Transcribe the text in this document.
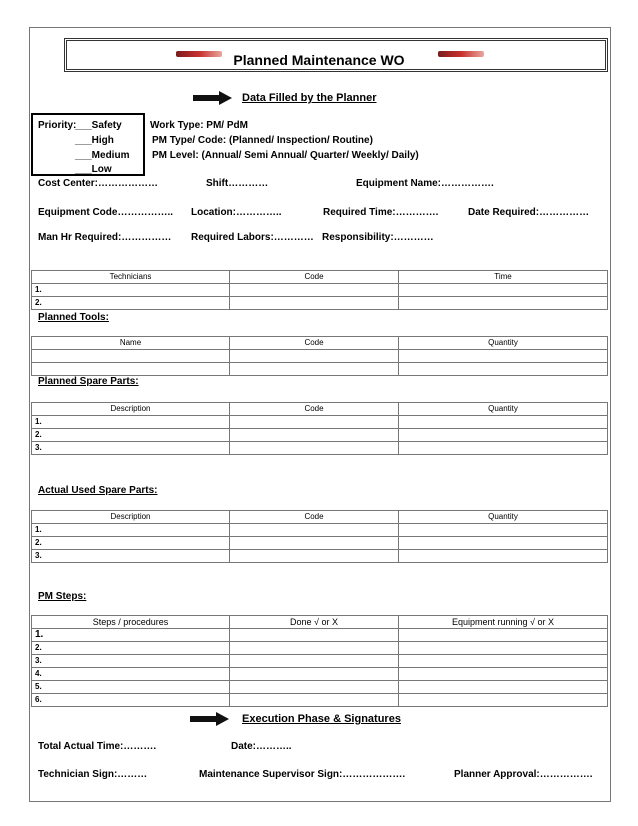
Planned Maintenance WO
Data Filled by the Planner
Priority:
___Safety
___High
___Medium
___Low
Work Type: PM/ PdM
PM Type/ Code: (Planned/ Inspection/ Routine)
PM Level: (Annual/ Semi Annual/ Quarter/ Weekly/ Daily)
Cost Center:………………	Shift…………	Equipment Name:…………….
Equipment Code…………….. Location:…………..	Required Time:………….	Date Required:……………
Man Hr Required:…………… Required Labors:………… Responsibility:…………
Technicians	Code	Time
1.		
2.		
Planned Tools:
Name	Code	Quantity

Planned Spare Parts:
Description	Code	Quantity
1.		
2.		
3.		
Actual Used Spare Parts:
Description	Code	Quantity
1.		
2.		
3.		
PM Steps:
Steps / procedures	Done √ or X	Equipment running √ or X
1.		
2.		
3.		
4.		
5.		
6.		
Execution Phase & Signatures
Total Actual Time:……….	Date:………..
Technician Sign:………	Maintenance Supervisor Sign:……………….	Planner Approval:…………….
